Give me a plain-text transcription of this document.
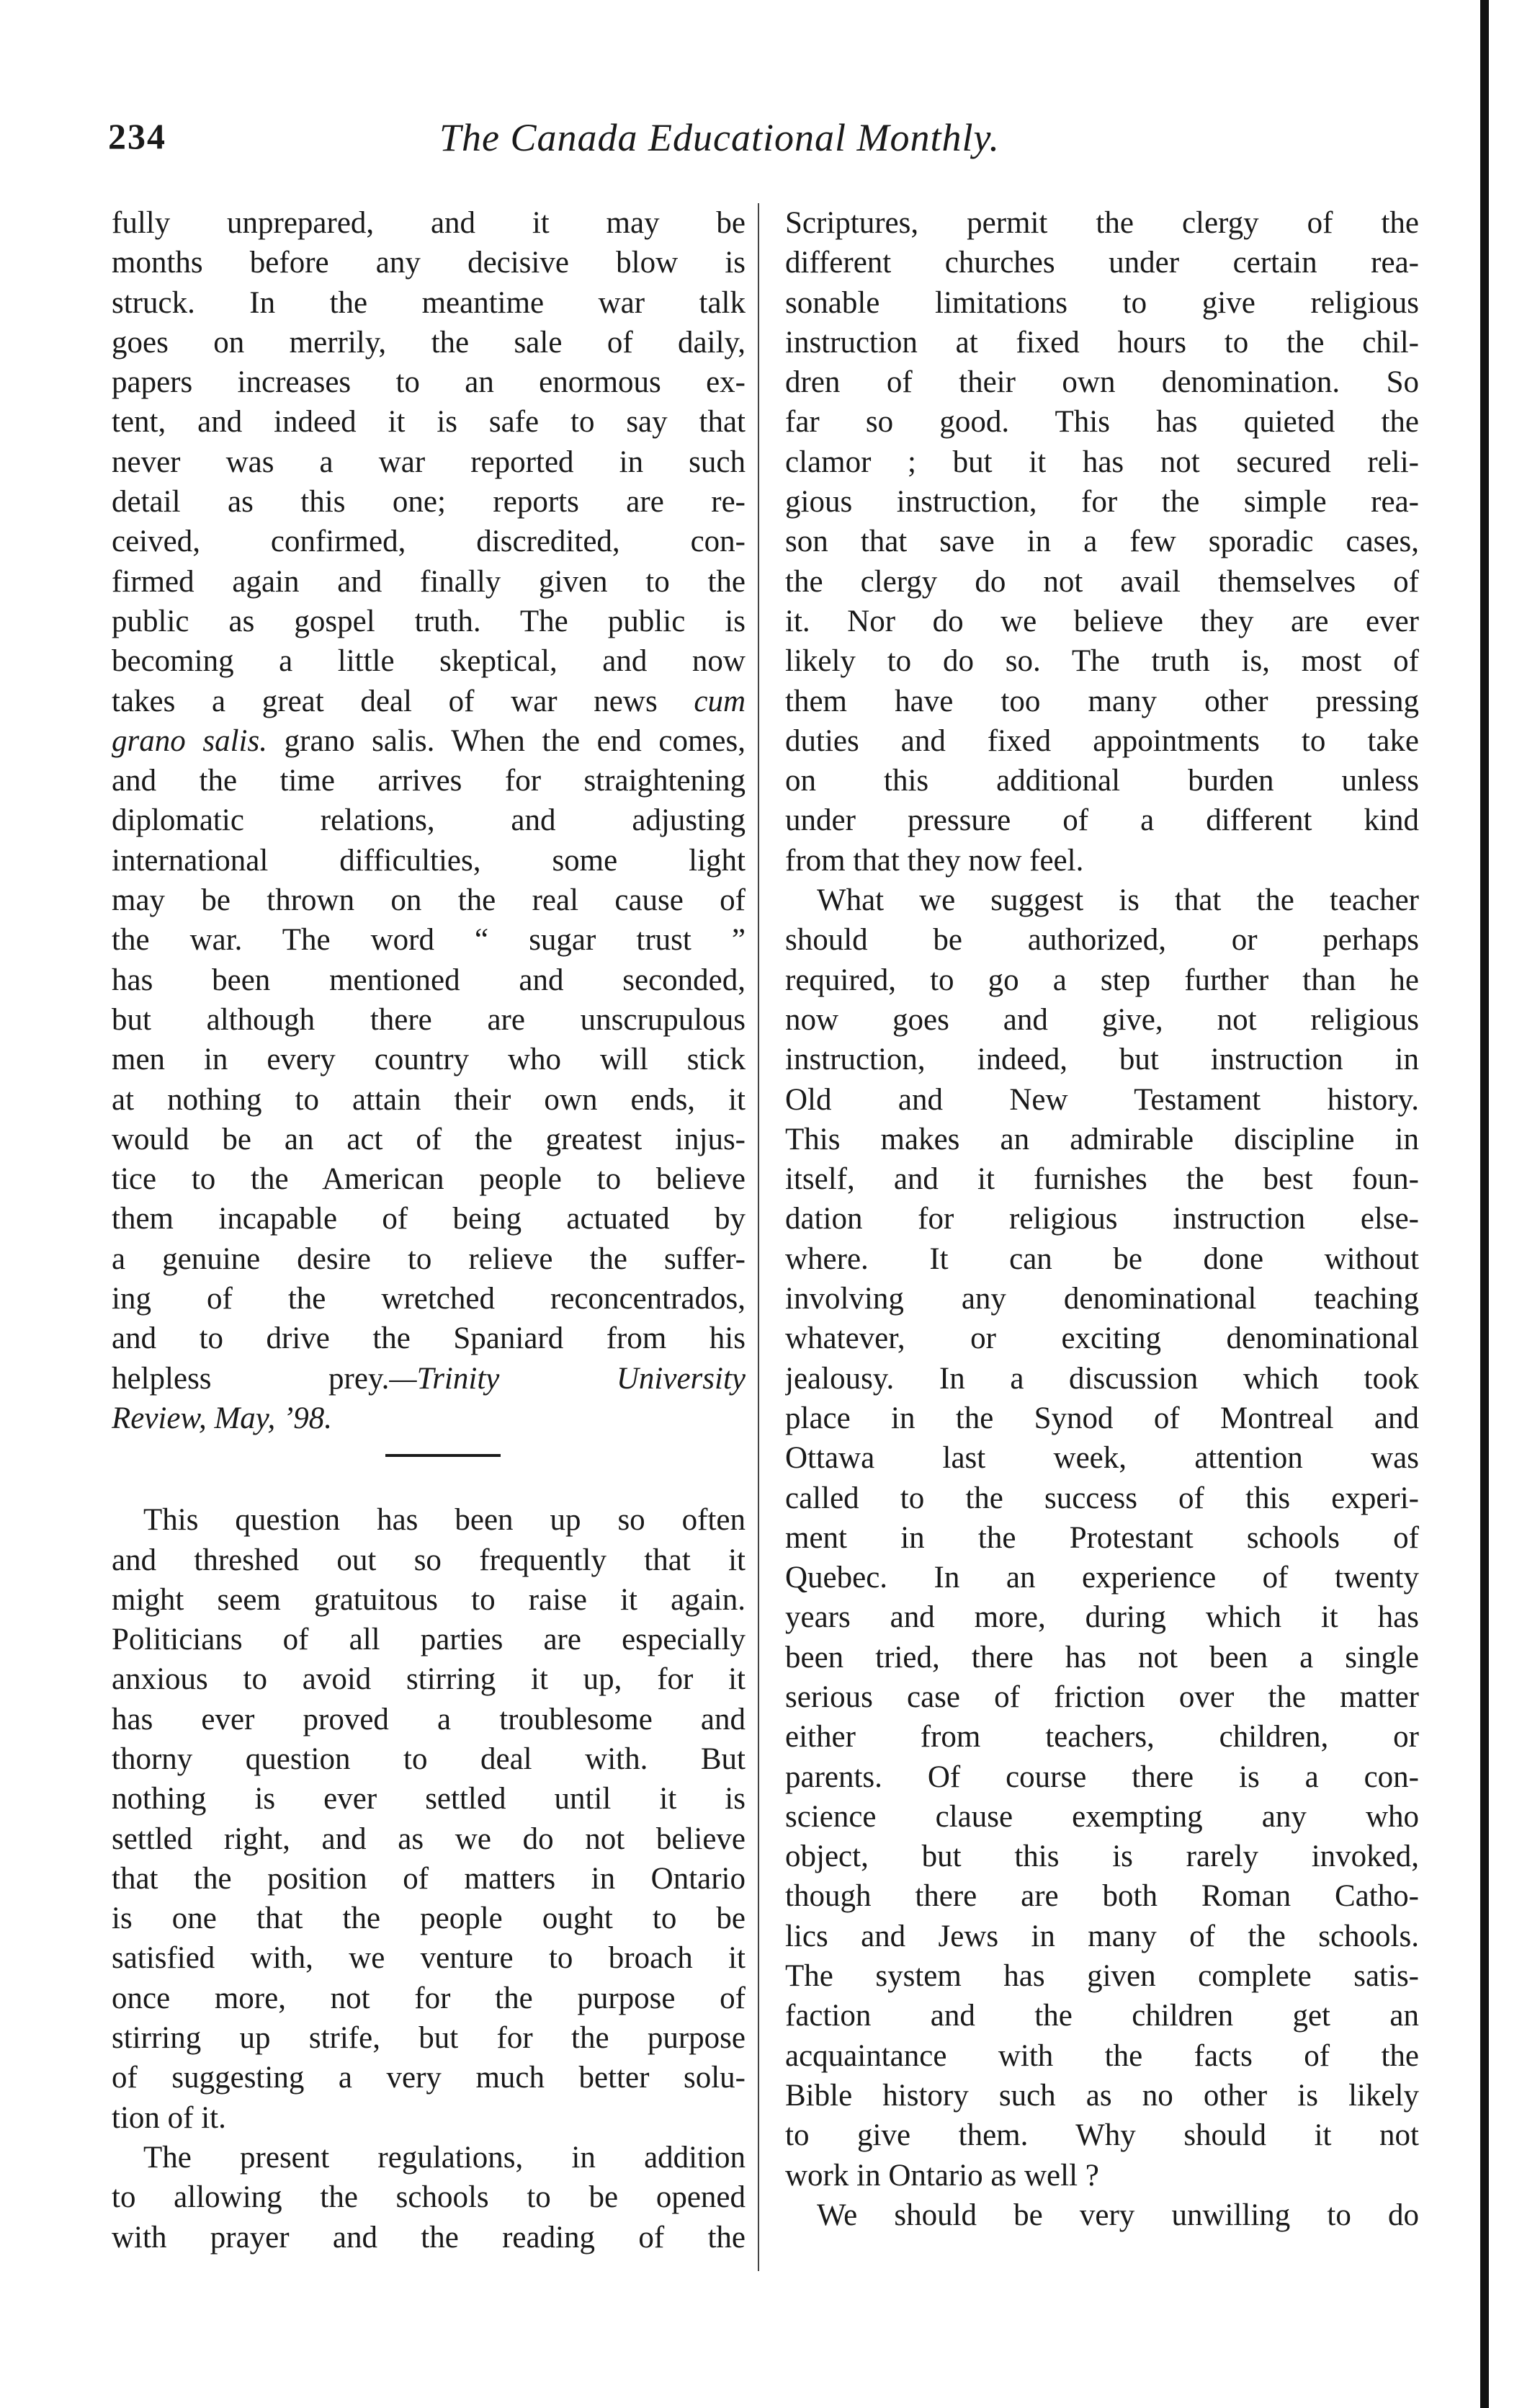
234	The Canada Educational Monthly.
fully unprepared, and it may be
months before any decisive blow is
struck. In the meantime war talk
goes on merrily, the sale of daily,
papers increases to an enormous ex-
tent, and indeed it is safe to say that
never was a war reported in such
detail as this one; reports are re-
ceived, confirmed, discredited, con-
firmed again and finally given to the
public as gospel truth. The public is
becoming a little skeptical, and now
takes a great deal of war news cum
grano salis. grano salis. When the end comes,
and the time arrives for straightening
diplomatic relations, and adjusting
international difficulties, some light
may be thrown on the real cause of
the war. The word “ sugar trust ”
has been mentioned and seconded,
but although there are unscrupulous
men in every country who will stick
at nothing to attain their own ends, it
would be an act of the greatest injus-
tice to the American people to believe
them incapable of being actuated by
a genuine desire to relieve the suffer-
ing of the wretched reconcentrados,
and to drive the Spaniard from his
helpless prey.—Trinity University
Review, May, ’98.
This question has been up so often
and threshed out so frequently that it
might seem gratuitous to raise it again.
Politicians of all parties are especially
anxious to avoid stirring it up, for it
has ever proved a troublesome and
thorny question to deal with. But
nothing is ever settled until it is
settled right, and as we do not believe
that the position of matters in Ontario
is one that the people ought to be
satisfied with, we venture to broach it
once more, not for the purpose of
stirring up strife, but for the purpose
of suggesting a very much better solu-
tion of it.
The present regulations, in addition
to allowing the schools to be opened
with prayer and the reading of the
Scriptures, permit the clergy of the
different churches under certain rea-
sonable limitations to give religious
instruction at fixed hours to the chil-
dren of their own denomination. So
far so good. This has quieted the
clamor ; but it has not secured reli-
gious instruction, for the simple rea-
son that save in a few sporadic cases,
the clergy do not avail themselves of
it. Nor do we believe they are ever
likely to do so. The truth is, most of
them have too many other pressing
duties and fixed appointments to take
on this additional burden unless
under pressure of a different kind
from that they now feel.
What we suggest is that the teacher
should be authorized, or perhaps
required, to go a step further than he
now goes and give, not religious
instruction, indeed, but instruction in
Old and New Testament history.
This makes an admirable discipline in
itself, and it furnishes the best foun-
dation for religious instruction else-
where. It can be done without
involving any denominational teaching
whatever, or exciting denominational
jealousy. In a discussion which took
place in the Synod of Montreal and
Ottawa last week, attention was
called to the success of this experi-
ment in the Protestant schools of
Quebec. In an experience of twenty
years and more, during which it has
been tried, there has not been a single
serious case of friction over the matter
either from teachers, children, or
parents. Of course there is a con-
science clause exempting any who
object, but this is rarely invoked,
though there are both Roman Catho-
lics and Jews in many of the schools.
The system has given complete satis-
faction and the children get an
acquaintance with the facts of the
Bible history such as no other is likely
to give them. Why should it not
work in Ontario as well ?
We should be very unwilling to do
